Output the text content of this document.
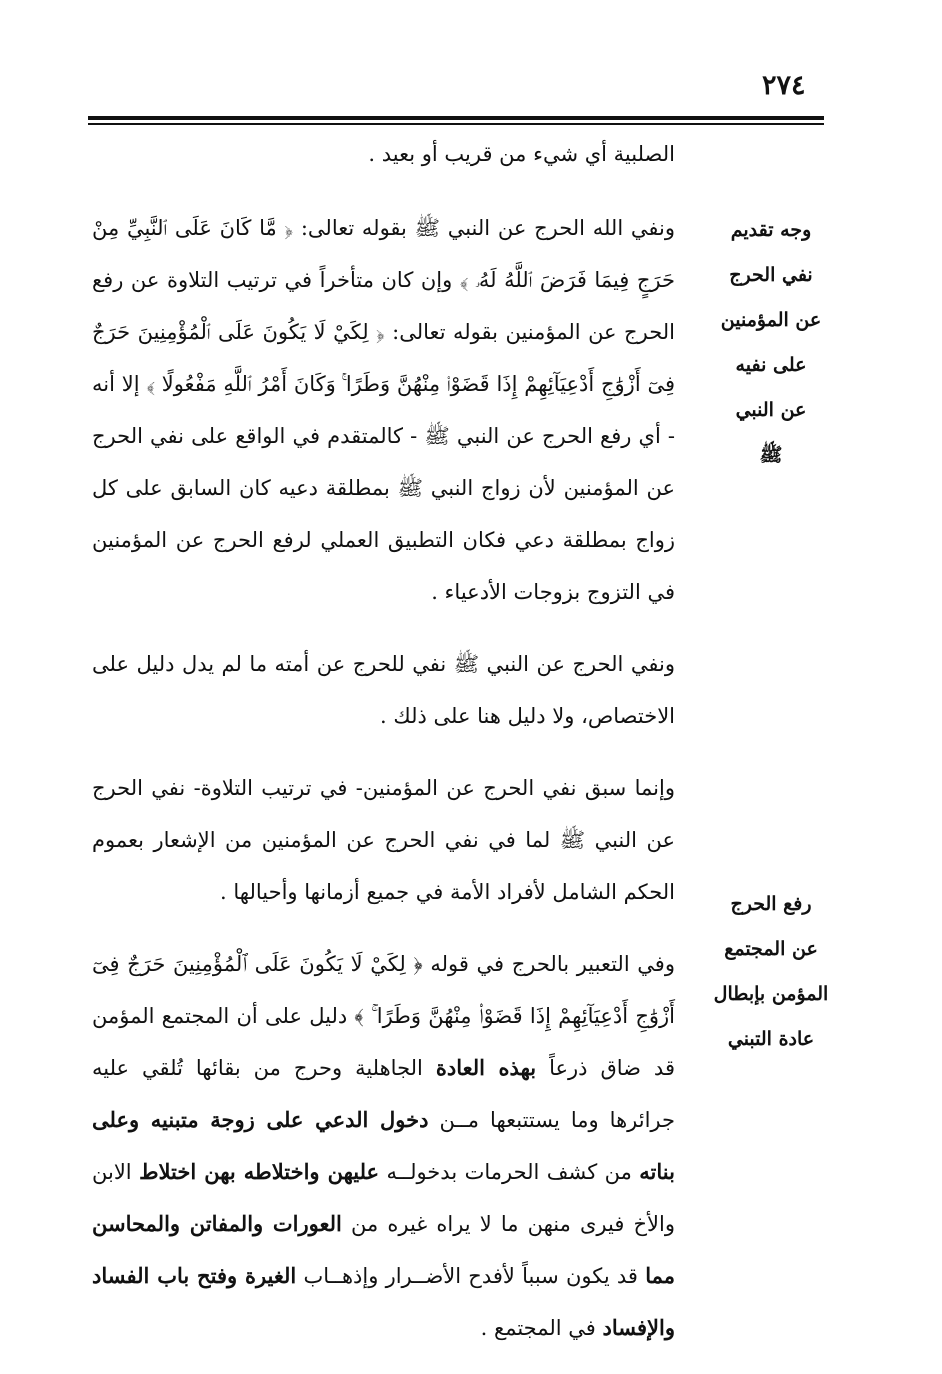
٢٧٤
وجه تقديم
نفي الحرج
عن المؤمنين
على نفيه
عن النبي
ﷺ
رفع الحرج
عن المجتمع
المؤمن بإبطال
عادة التبني

الصلبية أي شيء من قريب أو بعيد .

ونفي الله الحرج عن النبي ﷺ بقوله تعالى: ﴿ مَّا كَانَ عَلَى ٱلنَّبِيِّ مِنْ حَرَجٍ فِيمَا فَرَضَ ٱللَّهُ لَهُۥ ﴾ وإن كان متأخراً في ترتيب التلاوة عن رفع الحرج عن المؤمنين بقوله تعالى: ﴿ لِكَيْ لَا يَكُونَ عَلَى ٱلْمُؤْمِنِينَ حَرَجٌ فِىٓ أَزْوَٰجِ أَدْعِيَآئِهِمْ إِذَا قَضَوْا۟ مِنْهُنَّ وَطَرًا ۚ وَكَانَ أَمْرُ ٱللَّهِ مَفْعُولًا ﴾ إلا أنه - أي رفع الحرج عن النبي ﷺ - كالمتقدم في الواقع على نفي الحرج عن المؤمنين لأن زواج النبي ﷺ بمطلقة دعيه كان السابق على كل زواج بمطلقة دعي فكان التطبيق العملي لرفع الحرج عن المؤمنين في التزوج بزوجات الأدعياء .

ونفي الحرج عن النبي ﷺ نفي للحرج عن أمته ما لم يدل دليل على الاختصاص، ولا دليل هنا على ذلك .

وإنما سبق نفي الحرج عن المؤمنين- في ترتيب التلاوة- نفي الحرج عن النبي ﷺ لما في نفي الحرج عن المؤمنين من الإشعار بعموم الحكم الشامل لأفراد الأمة في جميع أزمانها وأحيالها .

وفي التعبير بالحرج في قوله ﴿ لِكَيْ لَا يَكُونَ عَلَى ٱلْمُؤْمِنِينَ حَرَجٌ فِىٓ أَزْوَٰجِ أَدْعِيَآئِهِمْ إِذَا قَضَوْا۟ مِنْهُنَّ وَطَرًا ۚ ﴾ دليل على أن المجتمع المؤمن قد ضاق ذرعاً بهذه العادة الجاهلية وحرج من بقائها تُلقي عليه جرائرها وما يستتبعها مــن دخول الدعي على زوجة متبنيه وعلى بناته من كشف الحرمات بدخولــه عليهن واختلاطه بهن اختلاط الابن والأخ فيرى منهن ما لا يراه غيره من العورات والمفاتن والمحاسن مما قد يكون سبباً لأفدح الأضــرار وإذهــاب الغيرة وفتح باب الفساد والإفساد في المجتمع .
